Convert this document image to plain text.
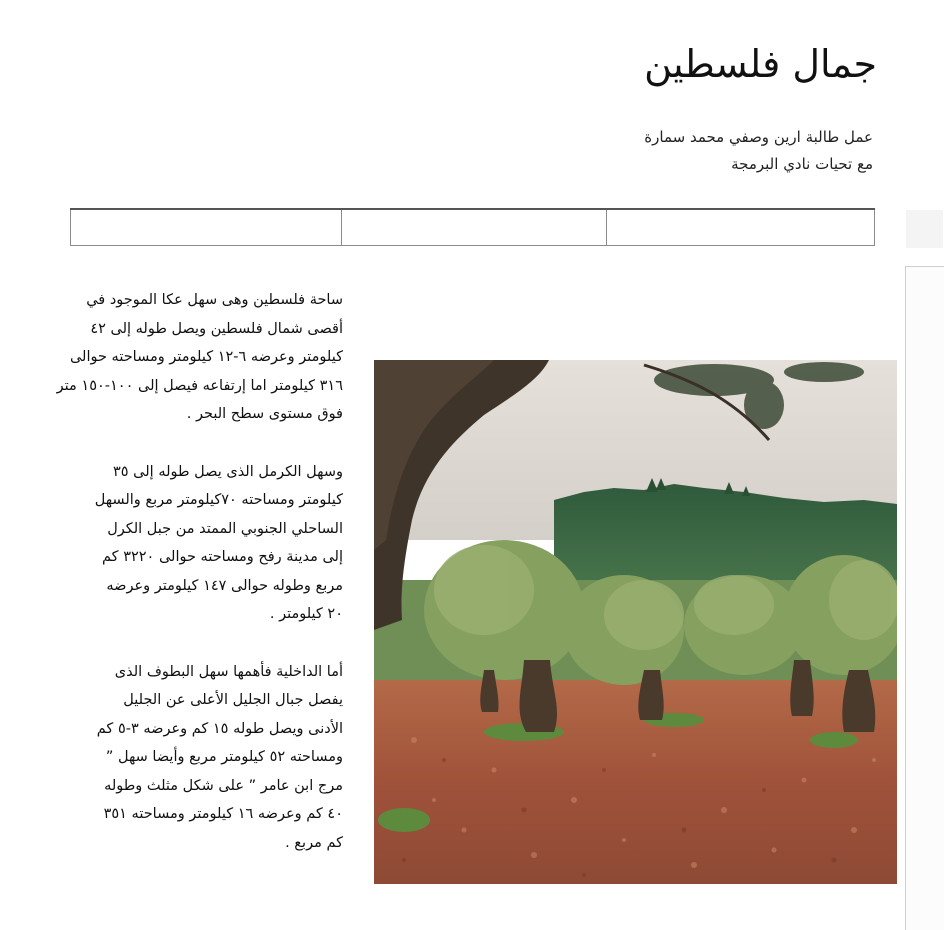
جمال فلسطين
عمل طالبة ارين وصفي محمد سمارة
مع تحيات نادي البرمجة

ساحة فلسطين وهى سهل عكا الموجود في أقصى شمال فلسطين ويصل طوله إلى ٤٢ كيلومتر وعرضه ٦-١٢ كيلومتر ومساحته حوالى ٣١٦ كيلومتر اما إرتفاعه فيصل إلى ١٠٠-١٥٠ متر فوق مستوى سطح البحر .

وسهل الكرمل الذى يصل طوله إلى ٣٥ كيلومتر ومساحته ٧٠كيلومتر مربع والسهل الساحلي الجنوبي الممتد من جبل الكرل إلى مدينة رفح ومساحته حوالى ٣٢٢٠ كم مربع وطوله حوالى ١٤٧ كيلومتر وعرضه ٢٠ كيلومتر .

أما الداخلية فأهمها سهل البطوف الذى يفصل جبال الجليل الأعلى عن الجليل الأدنى ويصل طوله ١٥ كم وعرضه ٣-٥ كم ومساحته ٥٢ كيلومتر مربع وأيضا سهل ” مرج ابن عامر ” على شكل مثلث وطوله ٤٠ كم وعرضه ١٦ كيلومتر ومساحته ٣٥١ كم مربع .
